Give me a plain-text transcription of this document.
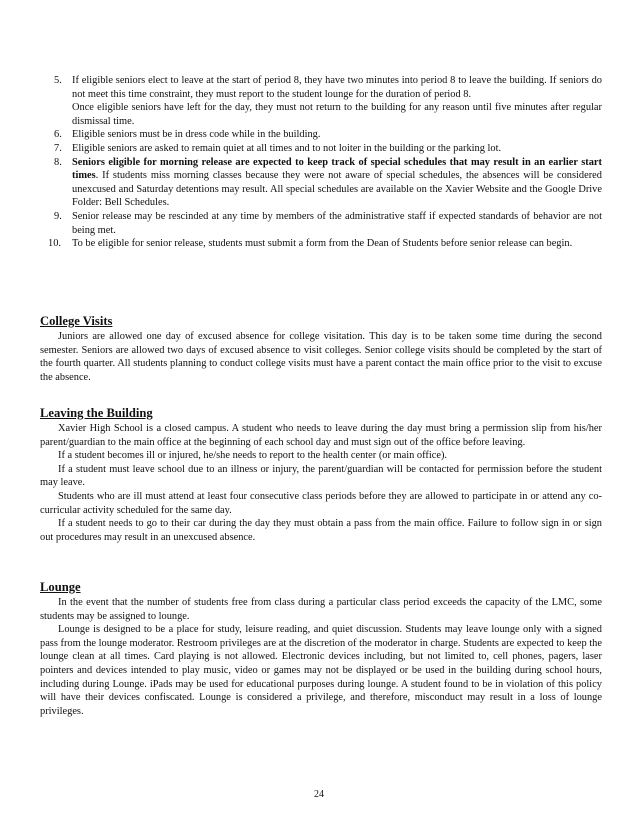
5. If eligible seniors elect to leave at the start of period 8, they have two minutes into period 8 to leave the building. If seniors do not meet this time constraint, they must report to the student lounge for the duration of period 8.

Once eligible seniors have left for the day, they must not return to the building for any reason until five minutes after regular dismissal time.

6. Eligible seniors must be in dress code while in the building.

7. Eligible seniors are asked to remain quiet at all times and to not loiter in the building or the parking lot.

8. Seniors eligible for morning release are expected to keep track of special schedules that may result in an earlier start times. If students miss morning classes because they were not aware of special schedules, the absences will be considered unexcused and Saturday detentions may result. All special schedules are available on the Xavier Website and the Google Drive Folder: Bell Schedules.

9. Senior release may be rescinded at any time by members of the administrative staff if expected standards of behavior are not being met.

10.	To be eligible for senior release, students must submit a form from the Dean of Students before senior release can begin.

College Visits

Juniors are allowed one day of excused absence for college visitation. This day is to be taken some time during the second semester. Seniors are allowed two days of excused absence to visit colleges. Senior college visits should be completed by the start of the fourth quarter. All students planning to conduct college visits must have a parent contact the main office prior to the visit to excuse the absence.

Leaving the Building

Xavier High School is a closed campus. A student who needs to leave during the day must bring a permission slip from his/her parent/guardian to the main office at the beginning of each school day and must sign out of the office before leaving.

If a student becomes ill or injured, he/she needs to report to the health center (or main office).

If a student must leave school due to an illness or injury, the parent/guardian will be contacted for permission before the student may leave.

Students who are ill must attend at least four consecutive class periods before they are allowed to participate in or attend any co-curricular activity scheduled for the same day.

If a student needs to go to their car during the day they must obtain a pass from the main office. Failure to follow sign in or sign out procedures may result in an unexcused absence.

Lounge

In the event that the number of students free from class during a particular class period exceeds the capacity of the LMC, some students may be assigned to lounge.

Lounge is designed to be a place for study, leisure reading, and quiet discussion. Students may leave lounge only with a signed pass from the lounge moderator. Restroom privileges are at the discretion of the moderator in charge. Students are expected to keep the lounge clean at all times. Card playing is not allowed. Electronic devices including, but not limited to, cell phones, pagers, laser pointers and devices intended to play music, video or games may not be displayed or be used in the building during school hours, including during Lounge. iPads may be used for educational purposes during lounge. A student found to be in violation of this policy will have their devices confiscated. Lounge is considered a privilege, and therefore, misconduct may result in a loss of lounge privileges.

24
